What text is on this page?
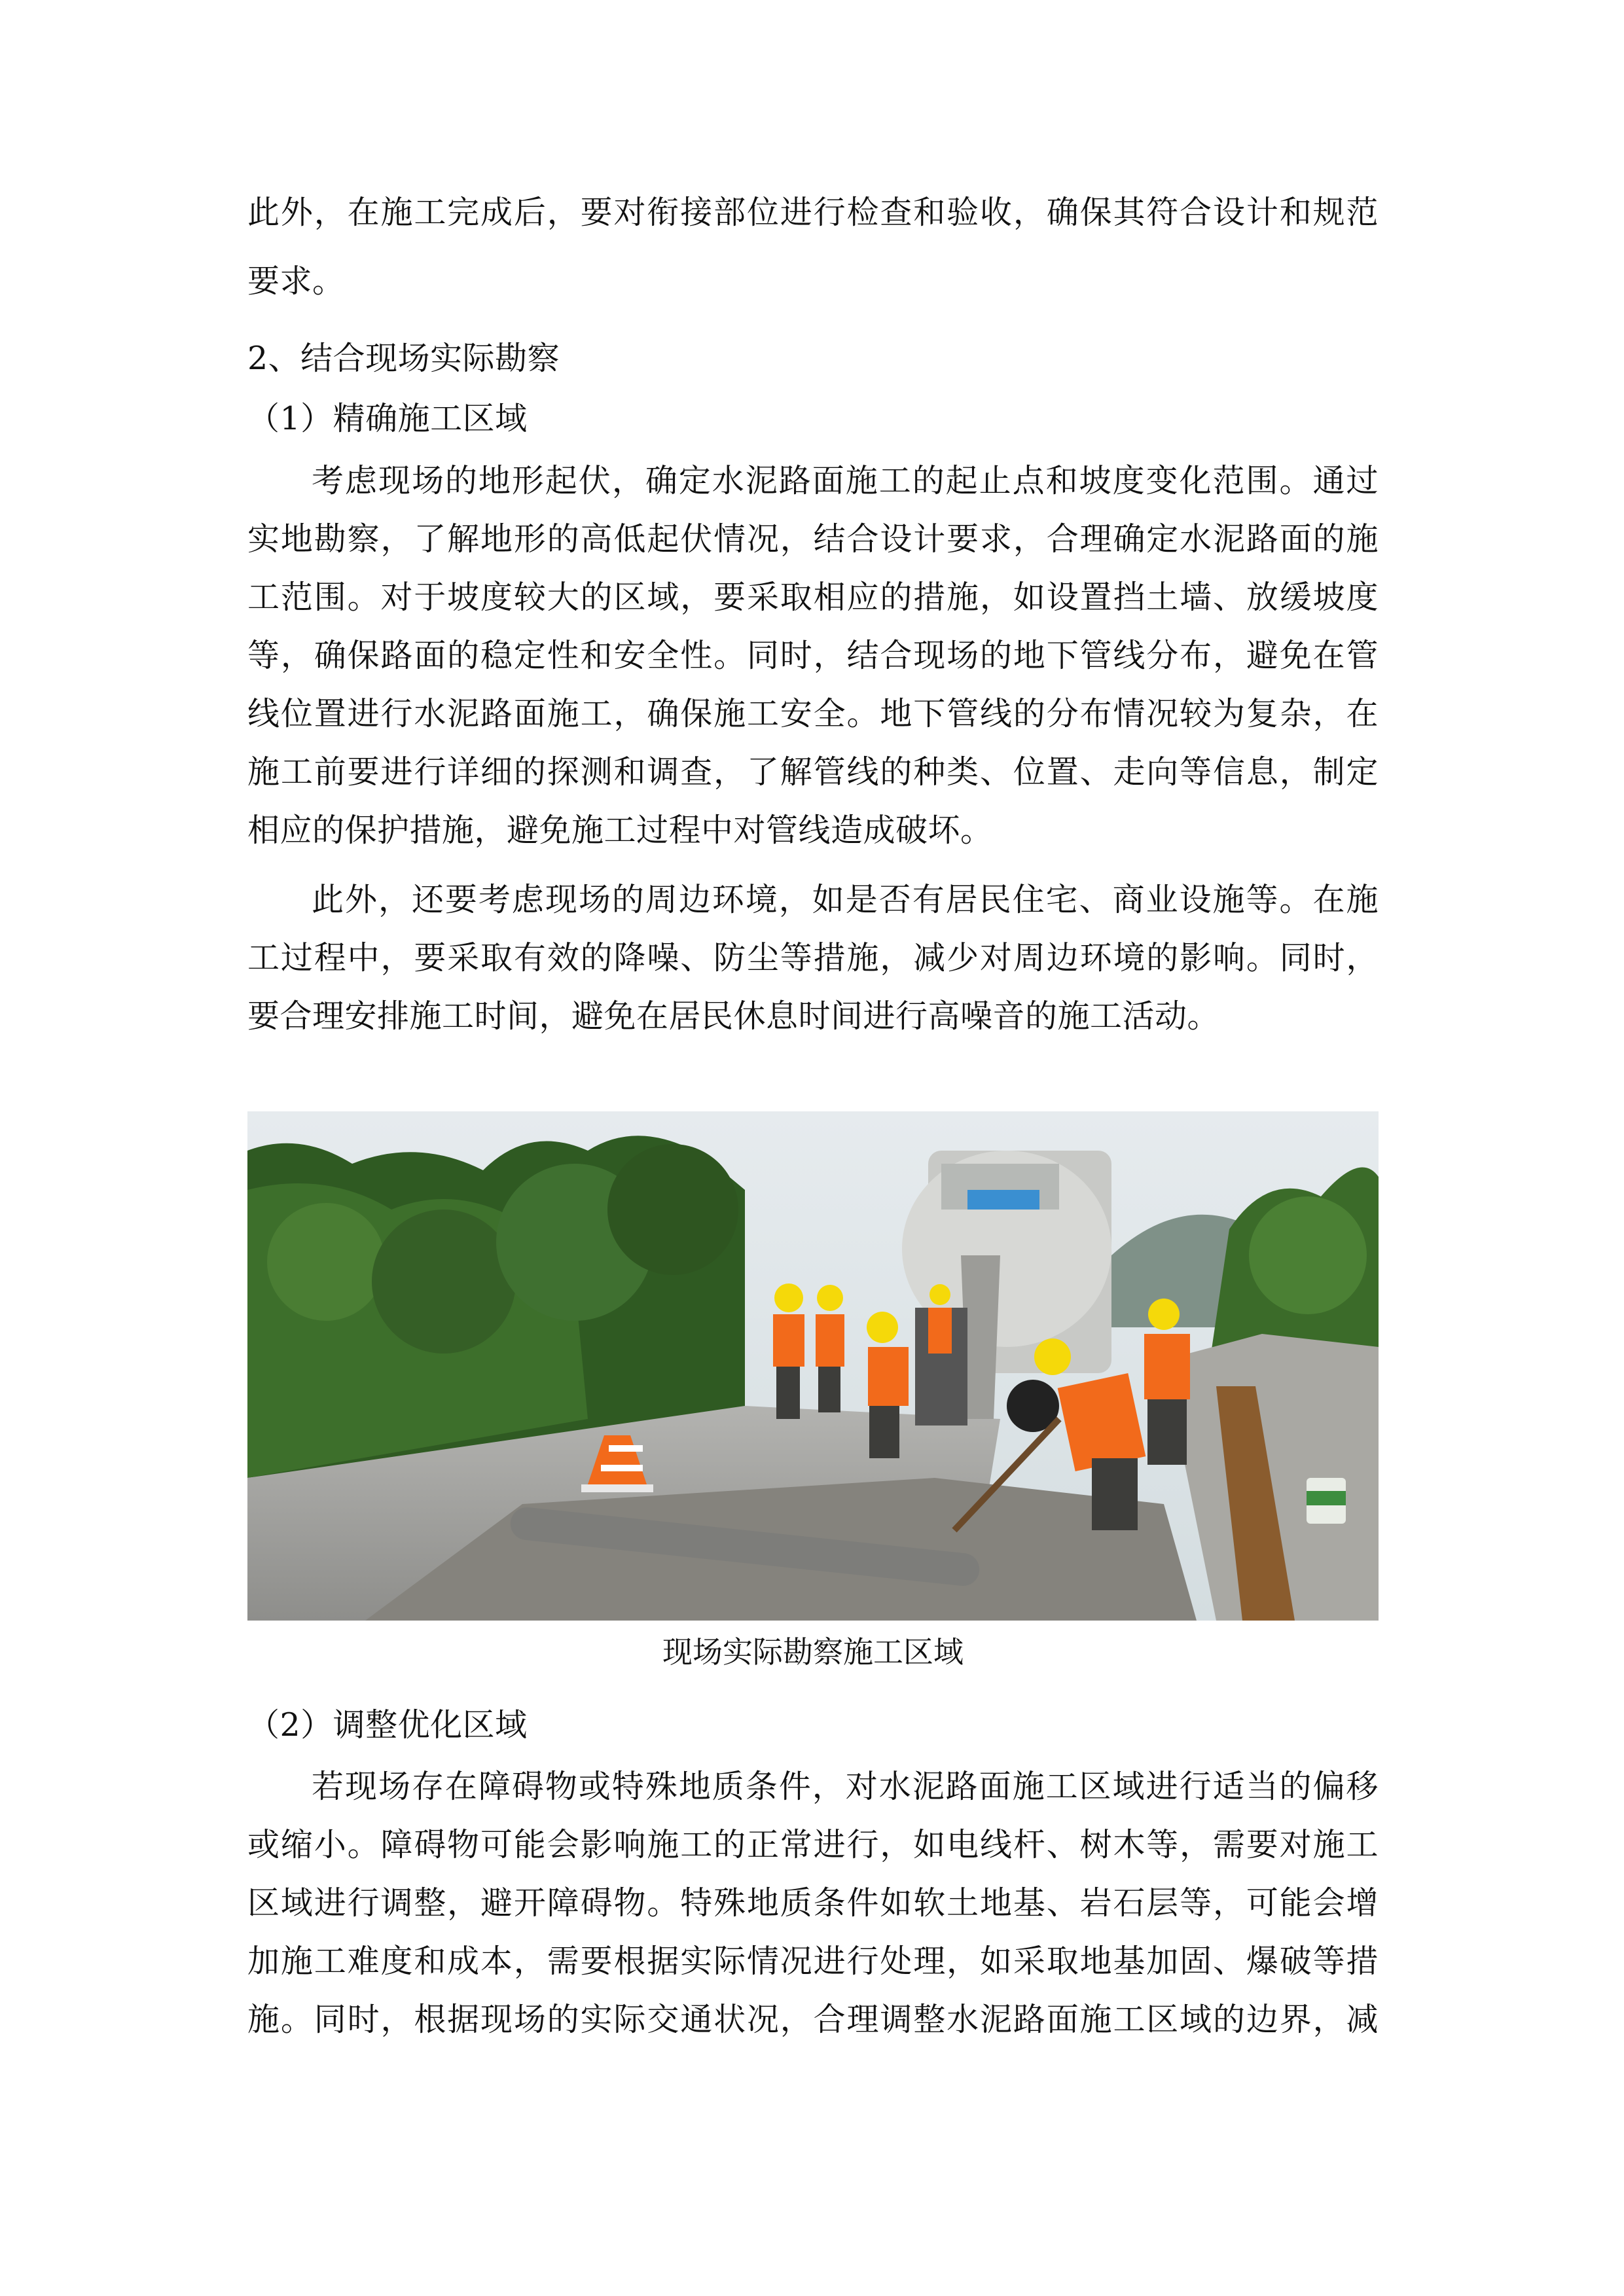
此外，在施工完成后，要对衔接部位进行检查和验收，确保其符合设计和规范
要求。
2、结合现场实际勘察
（1）精确施工区域
考虑现场的地形起伏，确定水泥路面施工的起止点和坡度变化范围。通过
实地勘察，了解地形的高低起伏情况，结合设计要求，合理确定水泥路面的施
工范围。对于坡度较大的区域，要采取相应的措施，如设置挡土墙、放缓坡度
等，确保路面的稳定性和安全性。同时，结合现场的地下管线分布，避免在管
线位置进行水泥路面施工，确保施工安全。地下管线的分布情况较为复杂，在
施工前要进行详细的探测和调查，了解管线的种类、位置、走向等信息，制定
相应的保护措施，避免施工过程中对管线造成破坏。
此外，还要考虑现场的周边环境，如是否有居民住宅、商业设施等。在施
工过程中，要采取有效的降噪、防尘等措施，减少对周边环境的影响。同时，
要合理安排施工时间，避免在居民休息时间进行高噪音的施工活动。
现场实际勘察施工区域
（2）调整优化区域
若现场存在障碍物或特殊地质条件，对水泥路面施工区域进行适当的偏移
或缩小。障碍物可能会影响施工的正常进行，如电线杆、树木等，需要对施工
区域进行调整，避开障碍物。特殊地质条件如软土地基、岩石层等，可能会增
加施工难度和成本，需要根据实际情况进行处理，如采取地基加固、爆破等措
施。同时，根据现场的实际交通状况，合理调整水泥路面施工区域的边界，减
